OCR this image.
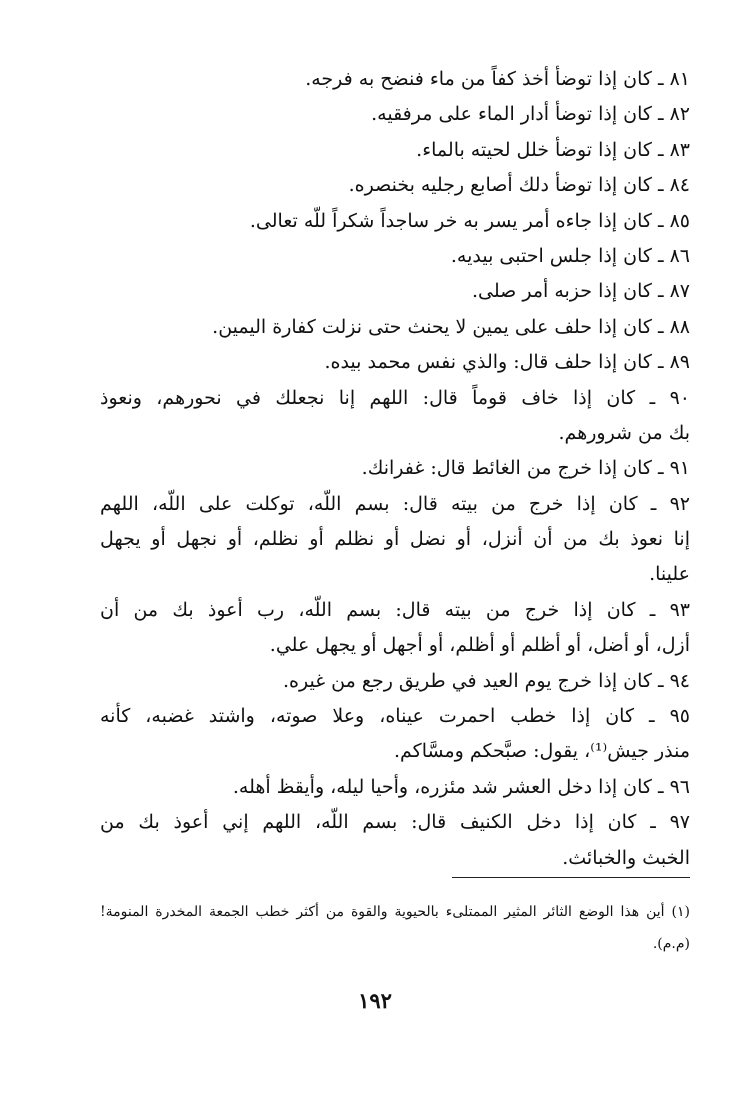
٨١ ـ كان إذا توضأ أخذ كفاً من ماء فنضح به فرجه.
٨٢ ـ كان إذا توضأ أدار الماء على مرفقيه.
٨٣ ـ كان إذا توضأ خلل لحيته بالماء.
٨٤ ـ كان إذا توضأ دلك أصابع رجليه بخنصره.
٨٥ ـ كان إذا جاءه أمر يسر به خر ساجداً شكراً للّه تعالى.
٨٦ ـ كان إذا جلس احتبى بيديه.
٨٧ ـ كان إذا حزبه أمر صلى.
٨٨ ـ كان إذا حلف على يمين لا يحنث حتى نزلت كفارة اليمين.
٨٩ ـ كان إذا حلف قال: والذي نفس محمد بيده.
٩٠ ـ كان إذا خاف قوماً قال: اللهم إنا نجعلك في نحورهم، ونعوذ
بك من شرورهم.
٩١ ـ كان إذا خرج من الغائط قال: غفرانك.
٩٢ ـ كان إذا خرج من بيته قال: بسم اللّه، توكلت على اللّه، اللهم
إنا نعوذ بك من أن أنزل، أو نضل أو نظلم أو نظلم، أو نجهل أو يجهل
علينا.
٩٣ ـ كان إذا خرج من بيته قال: بسم اللّه، رب أعوذ بك من أن
أزل، أو أضل، أو أظلم أو أظلم، أو أجهل أو يجهل علي.
٩٤ ـ كان إذا خرج يوم العيد في طريق رجع من غيره.
٩٥ ـ كان إذا خطب احمرت عيناه، وعلا صوته، واشتد غضبه، كأنه
منذر جيش⁽¹⁾، يقول: صبَّحكم ومسَّاكم.
٩٦ ـ كان إذا دخل العشر شد مئزره، وأحيا ليله، وأيقظ أهله.
٩٧ ـ كان إذا دخل الكنيف قال: بسم اللّه، اللهم إني أعوذ بك من
الخبث والخبائث.
(١) أين هذا الوضع الثائر المثير الممتلىء بالحيوية والقوة من أكثر خطب الجمعة المخدرة المنومة!
(م.م).
١٩٢
